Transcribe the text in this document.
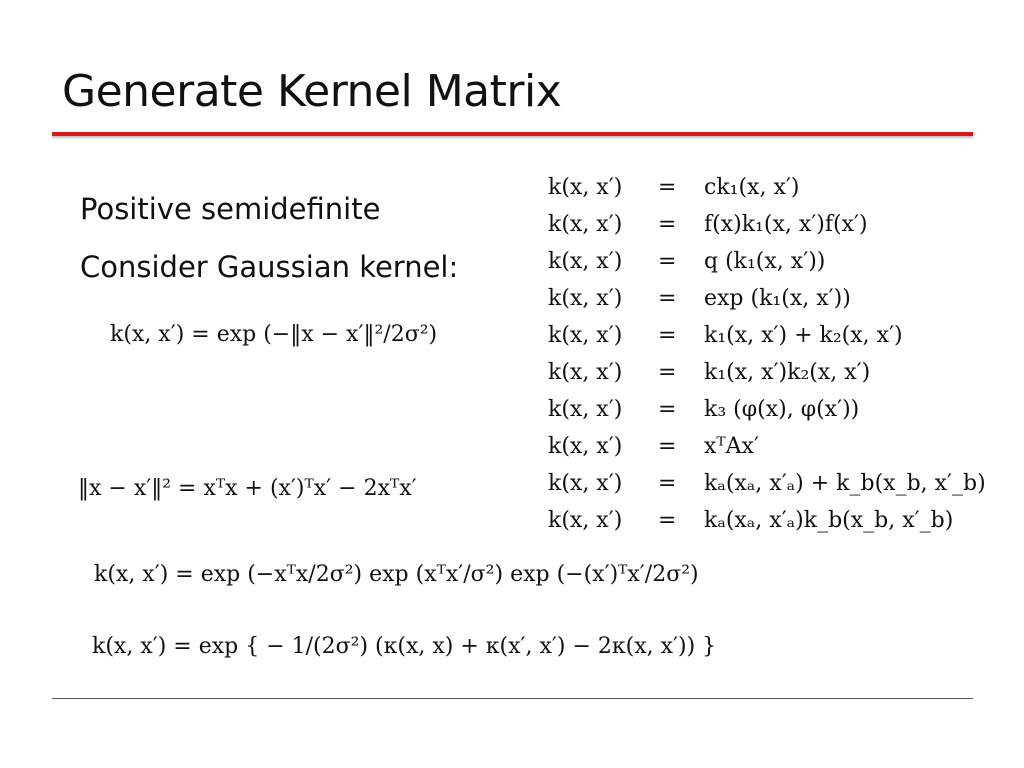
Generate Kernel Matrix
Positive semidefinite
Consider Gaussian kernel:
k(x, x′) = exp (−‖x − x′‖²/2σ²)
‖x − x′‖² = xᵀx + (x′)ᵀx′ − 2xᵀx′
k(x, x′) = ck₁(x, x′)
k(x, x′) = f(x)k₁(x, x′)f(x′)
k(x, x′) = q (k₁(x, x′))
k(x, x′) = exp (k₁(x, x′))
k(x, x′) = k₁(x, x′) + k₂(x, x′)
k(x, x′) = k₁(x, x′)k₂(x, x′)
k(x, x′) = k₃ (φ(x), φ(x′))
k(x, x′) = xᵀAx′
k(x, x′) = kₐ(xₐ, x′ₐ) + k_b(x_b, x′_b)
k(x, x′) = kₐ(xₐ, x′ₐ)k_b(x_b, x′_b)
k(x, x′) = exp (−xᵀx/2σ²) exp (xᵀx′/σ²) exp (−(x′)ᵀx′/2σ²)
k(x, x′) = exp { − 1/(2σ²) (κ(x, x) + κ(x′, x′) − 2κ(x, x′)) }
